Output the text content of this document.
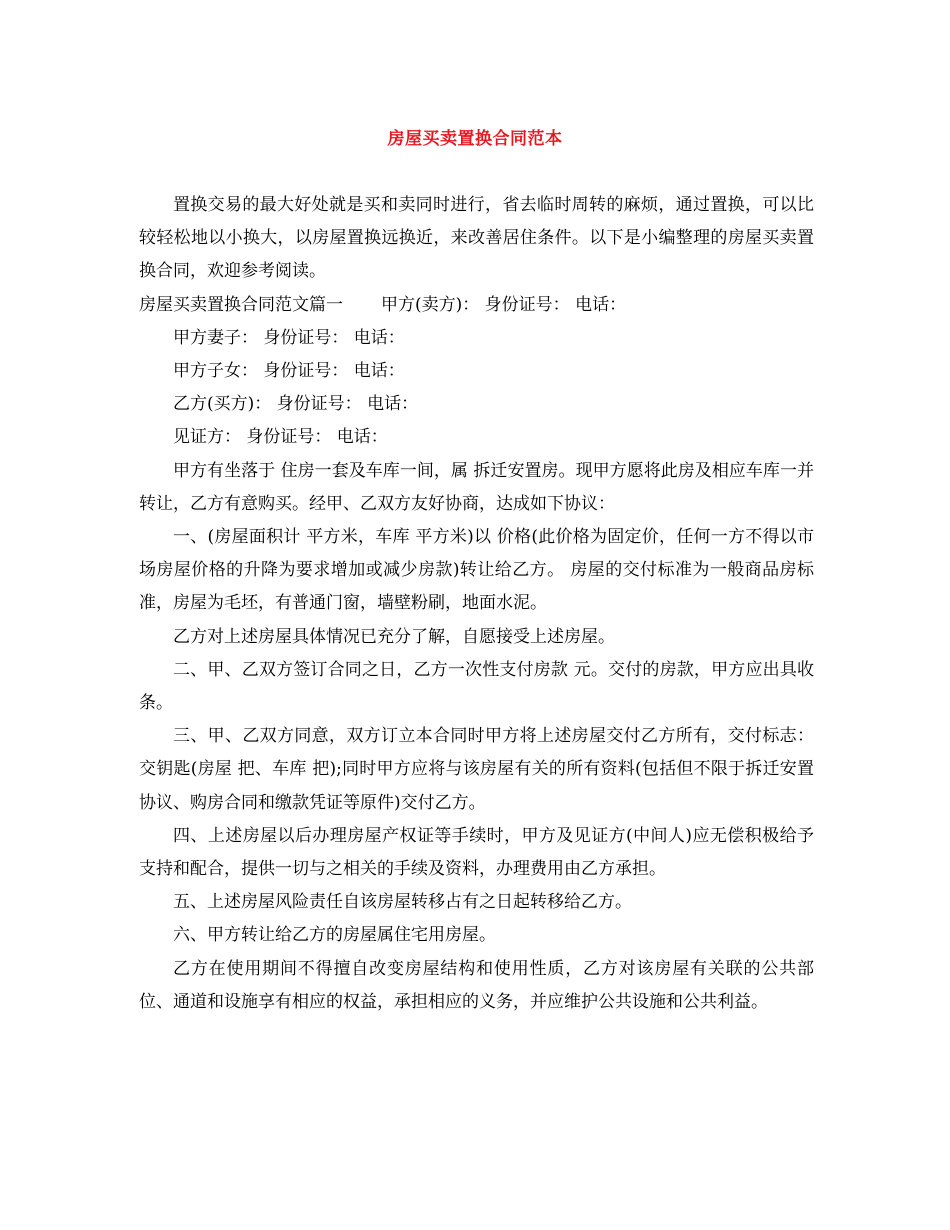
房屋买卖置换合同范本

置换交易的最大好处就是买和卖同时进行，省去临时周转的麻烦，通过置换，可以比较轻松地以小换大，以房屋置换远换近，来改善居住条件。以下是小编整理的房屋买卖置换合同，欢迎参考阅读。

房屋买卖置换合同范文篇一 甲方(卖方)： 身份证号： 电话：

甲方妻子： 身份证号： 电话：

甲方子女： 身份证号： 电话：

乙方(买方)： 身份证号： 电话：

见证方： 身份证号： 电话：

甲方有坐落于 住房一套及车库一间，属 拆迁安置房。现甲方愿将此房及相应车库一并转让，乙方有意购买。经甲、乙双方友好协商，达成如下协议：

一、(房屋面积计 平方米，车库 平方米)以 价格(此价格为固定价，任何一方不得以市场房屋价格的升降为要求增加或减少房款)转让给乙方。 房屋的交付标准为一般商品房标准，房屋为毛坯，有普通门窗，墙壁粉刷，地面水泥。

乙方对上述房屋具体情况已充分了解，自愿接受上述房屋。

二、甲、乙双方签订合同之日，乙方一次性支付房款 元。交付的房款，甲方应出具收条。

三、甲、乙双方同意，双方订立本合同时甲方将上述房屋交付乙方所有，交付标志：交钥匙(房屋 把、车库 把);同时甲方应将与该房屋有关的所有资料(包括但不限于拆迁安置协议、购房合同和缴款凭证等原件)交付乙方。

四、上述房屋以后办理房屋产权证等手续时，甲方及见证方(中间人)应无偿积极给予支持和配合，提供一切与之相关的手续及资料，办理费用由乙方承担。

五、上述房屋风险责任自该房屋转移占有之日起转移给乙方。

六、甲方转让给乙方的房屋属住宅用房屋。

乙方在使用期间不得擅自改变房屋结构和使用性质，乙方对该房屋有关联的公共部位、通道和设施享有相应的权益，承担相应的义务，并应维护公共设施和公共利益。
